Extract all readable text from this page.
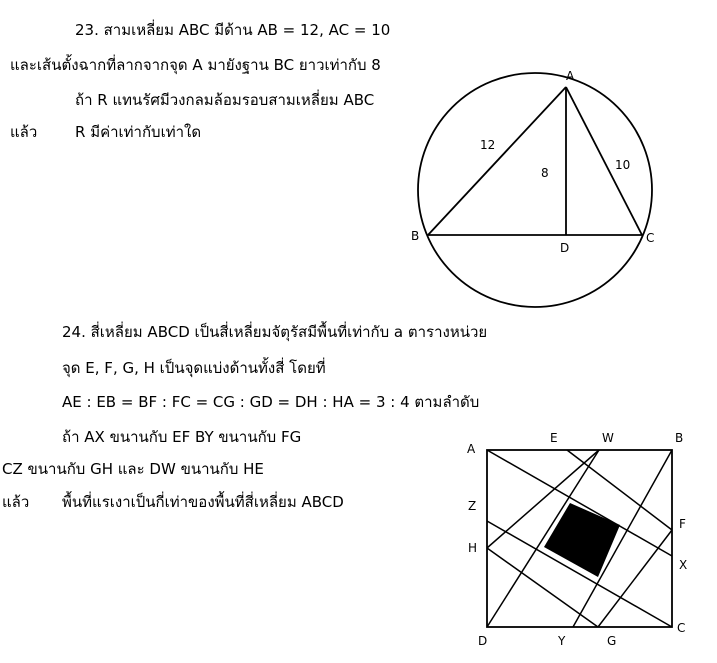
23. สามเหลี่ยม ABC มีด้าน AB = 12, AC = 10
และเส้นตั้งฉากที่ลากจากจุด A มายังฐาน BC ยาวเท่ากับ 8
ถ้า R แทนรัศมีวงกลมล้อมรอบสามเหลี่ยม ABC
แล้ว	R มีค่าเท่ากับเท่าใด
A
B	C
D
12
8
10
24. สี่เหลี่ยม ABCD เป็นสี่เหลี่ยมจัตุรัสมีพื้นที่เท่ากับ a ตารางหน่วย
จุด E, F, G, H เป็นจุดแบ่งด้านทั้งสี่ โดยที่
AE : EB = BF : FC = CG : GD = DH : HA = 3 : 4 ตามลำดับ
ถ้า AX ขนานกับ EF BY ขนานกับ FG
CZ ขนานกับ GH และ DW ขนานกับ HE
แล้ว พื้นที่แรเงาเป็นกี่เท่าของพื้นที่สี่เหลี่ยม ABCD
A
E	W	B
Z
F
H
X
D	Y	G
C
